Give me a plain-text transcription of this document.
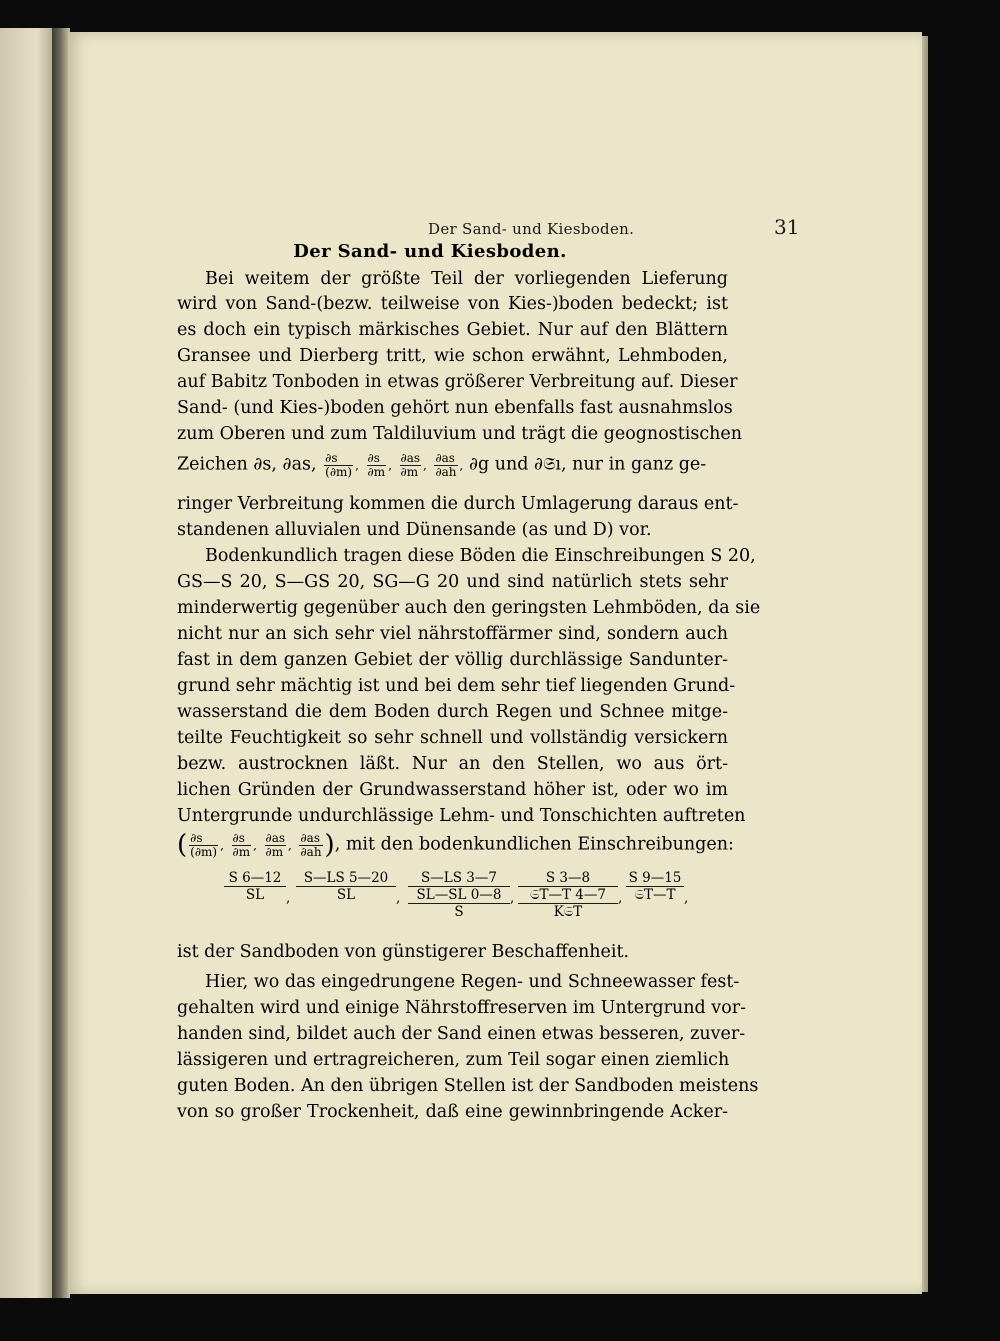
Der Sand- und Kiesboden.	31
Der Sand- und Kiesboden.
Bei weitem der größte Teil der vorliegenden Lieferung
wird von Sand-(bezw. teilweise von Kies-)boden bedeckt; ist
es doch ein typisch märkisches Gebiet. Nur auf den Blättern
Gransee und Dierberg tritt, wie schon erwähnt, Lehmboden,
auf Babitz Tonboden in etwas größerer Verbreitung auf. Dieser
Sand- (und Kies-)boden gehört nun ebenfalls fast ausnahmslos
zum Oberen und zum Taldiluvium und trägt die geognostischen
Zeichen ∂s, ∂as, $\frac{\partial s}{(\partial m)}$ , $\frac{\partial s}{\partial m}$ , $\frac{\partial as}{\partial m}$ , $\frac{\partial as}{\partial ah}$ , ∂g und ∂𝔖ı, nur in ganz ge-
ringer Verbreitung kommen die durch Umlagerung daraus ent-
standenen alluvialen und Dünensande (as und D) vor.
Bodenkundlich tragen diese Böden die Einschreibungen S 20,
GS—S 20, S—GS 20, SG—G 20 und sind natürlich stets sehr
minderwertig gegenüber auch den geringsten Lehmböden, da sie
nicht nur an sich sehr viel nährstoffärmer sind, sondern auch
fast in dem ganzen Gebiet der völlig durchlässige Sandunter-
grund sehr mächtig ist und bei dem sehr tief liegenden Grund-
wasserstand die dem Boden durch Regen und Schnee mitge-
teilte Feuchtigkeit so sehr schnell und vollständig versickern
bezw. austrocknen läßt. Nur an den Stellen, wo aus ört-
lichen Gründen der Grundwasserstand höher ist, oder wo im
Untergrunde undurchlässige Lehm- und Tonschichten auftreten
( $\frac{\partial s}{(\partial m)}$ , $\frac{\partial s}{\partial m}$ , $\frac{\partial as}{\partial m}$ , $\frac{\partial as}{\partial ah}$ ), mit den bodenkundlichen Einschreibungen:
S 6—12
SL	,
S—LS 5—20
SL	,
S—LS 3—7
SL—SL 0—8
S
,
S 3—8
𝔖T—T 4—7
K𝔖T
,
S 9—15
𝔖T—T ,
ist der Sandboden von günstigerer Beschaffenheit.
Hier, wo das eingedrungene Regen- und Schneewasser fest-
gehalten wird und einige Nährstoffreserven im Untergrund vor-
handen sind, bildet auch der Sand einen etwas besseren, zuver-
lässigeren und ertragreicheren, zum Teil sogar einen ziemlich
guten Boden. An den übrigen Stellen ist der Sandboden meistens
von so großer Trockenheit, daß eine gewinnbringende Acker-
